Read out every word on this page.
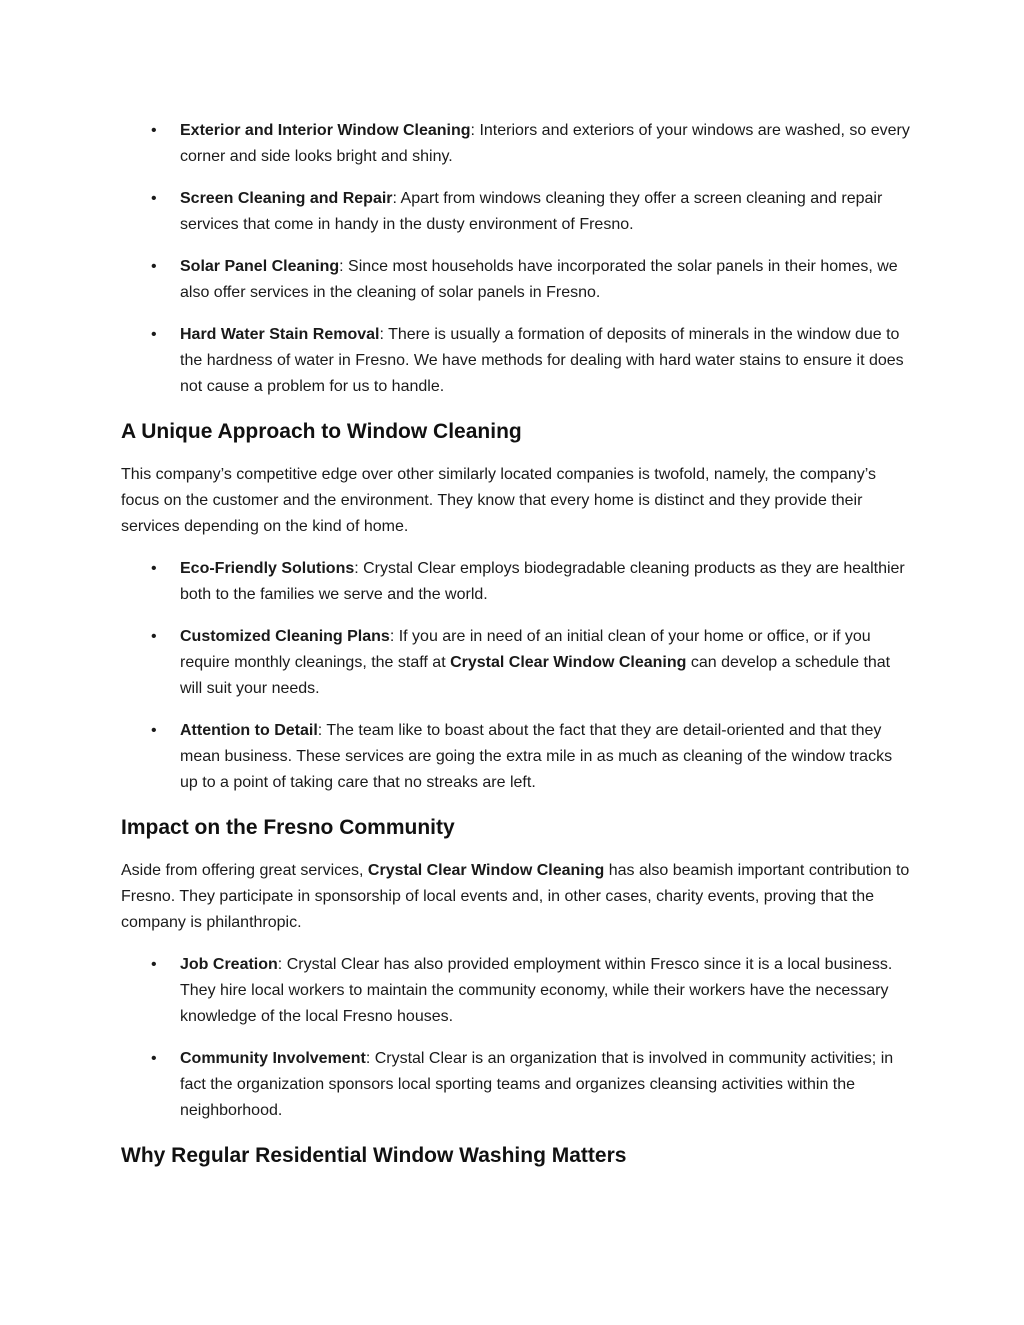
• Exterior and Interior Window Cleaning: Interiors and exteriors of your windows are washed, so every corner and side looks bright and shiny.
• Screen Cleaning and Repair: Apart from windows cleaning they offer a screen cleaning and repair services that come in handy in the dusty environment of Fresno.
• Solar Panel Cleaning: Since most households have incorporated the solar panels in their homes, we also offer services in the cleaning of solar panels in Fresno.
• Hard Water Stain Removal: There is usually a formation of deposits of minerals in the window due to the hardness of water in Fresno. We have methods for dealing with hard water stains to ensure it does not cause a problem for us to handle.
A Unique Approach to Window Cleaning

This company’s competitive edge over other similarly located companies is twofold, namely, the company’s focus on the customer and the environment. They know that every home is distinct and they provide their services depending on the kind of home.

• Eco-Friendly Solutions: Crystal Clear employs biodegradable cleaning products as they are healthier both to the families we serve and the world.
• Customized Cleaning Plans: If you are in need of an initial clean of your home or office, or if you require monthly cleanings, the staff at Crystal Clear Window Cleaning can develop a schedule that will suit your needs.
• Attention to Detail: The team like to boast about the fact that they are detail-oriented and that they mean business. These services are going the extra mile in as much as cleaning of the window tracks up to a point of taking care that no streaks are left.
Impact on the Fresno Community

Aside from offering great services, Crystal Clear Window Cleaning has also beamish important contribution to Fresno. They participate in sponsorship of local events and, in other cases, charity events, proving that the company is philanthropic.

• Job Creation: Crystal Clear has also provided employment within Fresco since it is a local business. They hire local workers to maintain the community economy, while their workers have the necessary knowledge of the local Fresno houses.
• Community Involvement: Crystal Clear is an organization that is involved in community activities; in fact the organization sponsors local sporting teams and organizes cleansing activities within the neighborhood.
Why Regular Residential Window Washing Matters
